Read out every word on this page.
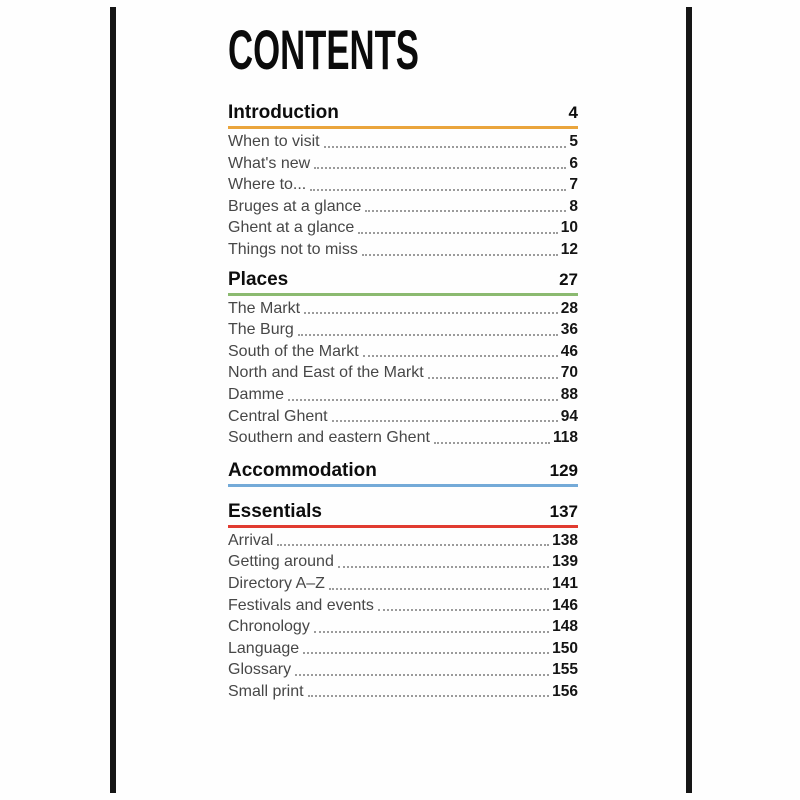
CONTENTS
Introduction	4
When to visit	5
What's new	6
Where to...	7
Bruges at a glance	8
Ghent at a glance	10
Things not to miss	12
Places	27
The Markt	28
The Burg	36
South of the Markt	46
North and East of the Markt	70
Damme	88
Central Ghent	94
Southern and eastern Ghent	118
Accommodation	129
Essentials	137
Arrival	138
Getting around	139
Directory A–Z	141
Festivals and events	146
Chronology	148
Language	150
Glossary	155
Small print	156
